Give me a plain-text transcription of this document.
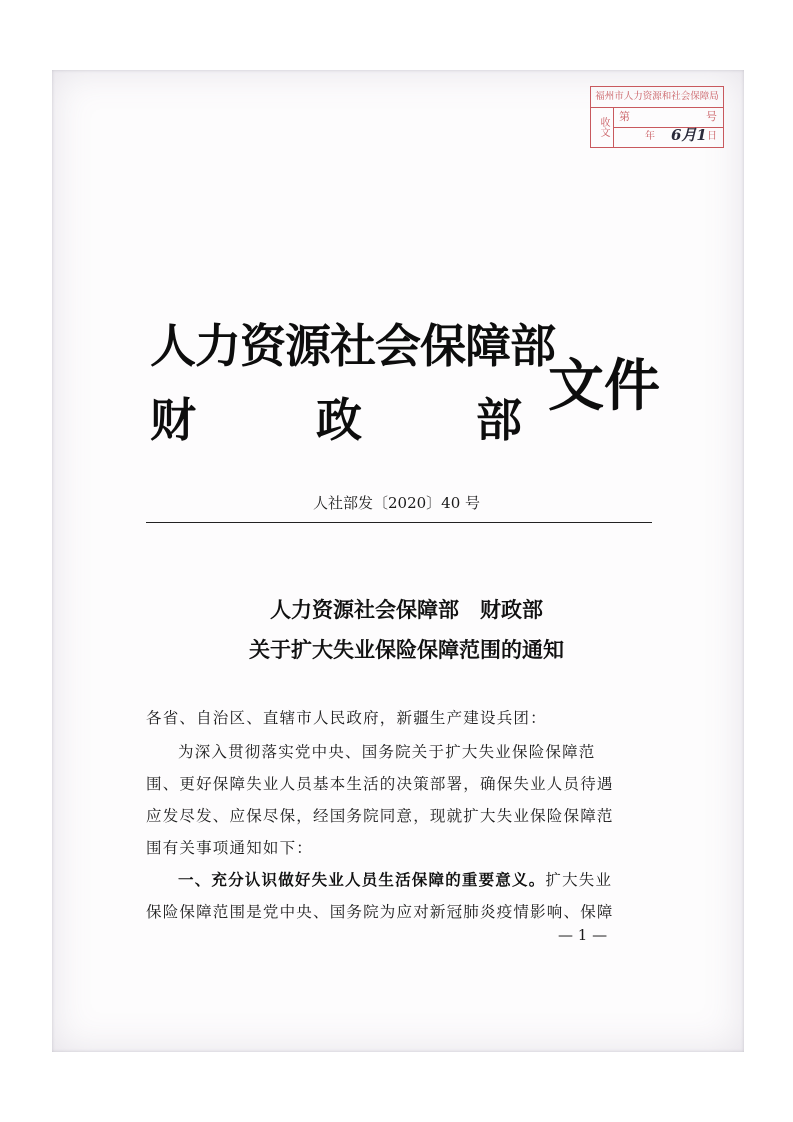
福州市人力资源和社会保障局
收文
第	号
年 6月1 日
人力资源社会保障部
财	政	部
文件
人社部发〔2020〕40 号
人力资源社会保障部　财政部
关于扩大失业保险保障范围的通知
各省、自治区、直辖市人民政府，新疆生产建设兵团：
为深入贯彻落实党中央、国务院关于扩大失业保险保障范
围、更好保障失业人员基本生活的决策部署，确保失业人员待遇
应发尽发、应保尽保，经国务院同意，现就扩大失业保险保障范
围有关事项通知如下：
一、充分认识做好失业人员生活保障的重要意义。扩大失业
保险保障范围是党中央、国务院为应对新冠肺炎疫情影响、保障
— 1 —
